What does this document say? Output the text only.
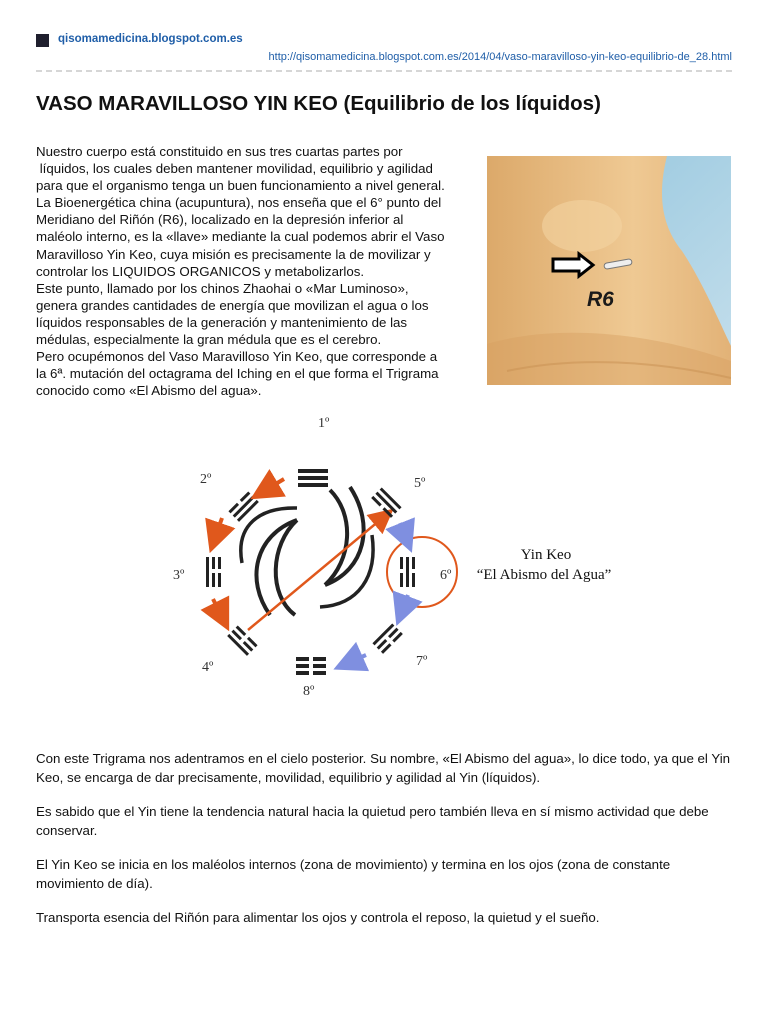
qisomamedicina.blogspot.com.es
http://qisomamedicina.blogspot.com.es/2014/04/vaso-maravilloso-yin-keo-equilibrio-de_28.html
VASO MARAVILLOSO YIN KEO (Equilibrio de los líquidos)

Nuestro cuerpo está constituido en sus tres cuartas partes por

líquidos, los cuales deben mantener movilidad, equilibrio y agilidad

para que el organismo tenga un buen funcionamiento a nivel general.

La Bioenergética china (acupuntura), nos enseña que el 6° punto del

Meridiano del Riñón (R6), localizado en la depresión inferior al

maléolo interno, es la «llave» mediante la cual podemos abrir el Vaso

Maravilloso Yin Keo, cuya misión es precisamente la de movilizar y

controlar los LIQUIDOS ORGANICOS y metabolizarlos.

Este punto, llamado por los chinos Zhaohai o «Mar Luminoso»,

genera grandes cantidades de energía que movilizan el agua o los

líquidos responsables de la generación y mantenimiento de las

médulas, especialmente la gran médula que es el cerebro.

Pero ocupémonos del Vaso Maravilloso Yin Keo, que corresponde a

la 6ª. mutación del octagrama del Iching en el que forma el Trigrama

conocido como «El Abismo del agua».

R6
1º
2º
3º
4º
5º
6º
7º
8º
Yin Keo
“El Abismo del Agua”

Con este Trigrama nos adentramos en el cielo posterior. Su nombre, «El Abismo del agua», lo dice todo, ya que el Yin Keo, se encarga de dar precisamente, movilidad, equilibrio y agilidad al Yin (líquidos).

Es sabido que el Yin tiene la tendencia natural hacia la quietud pero también lleva en sí mismo actividad que debe conservar.

El Yin Keo se inicia en los maléolos internos (zona de movimiento) y termina en los ojos (zona de constante movimiento de día).

Transporta esencia del Riñón para alimentar los ojos y controla el reposo, la quietud y el sueño.
